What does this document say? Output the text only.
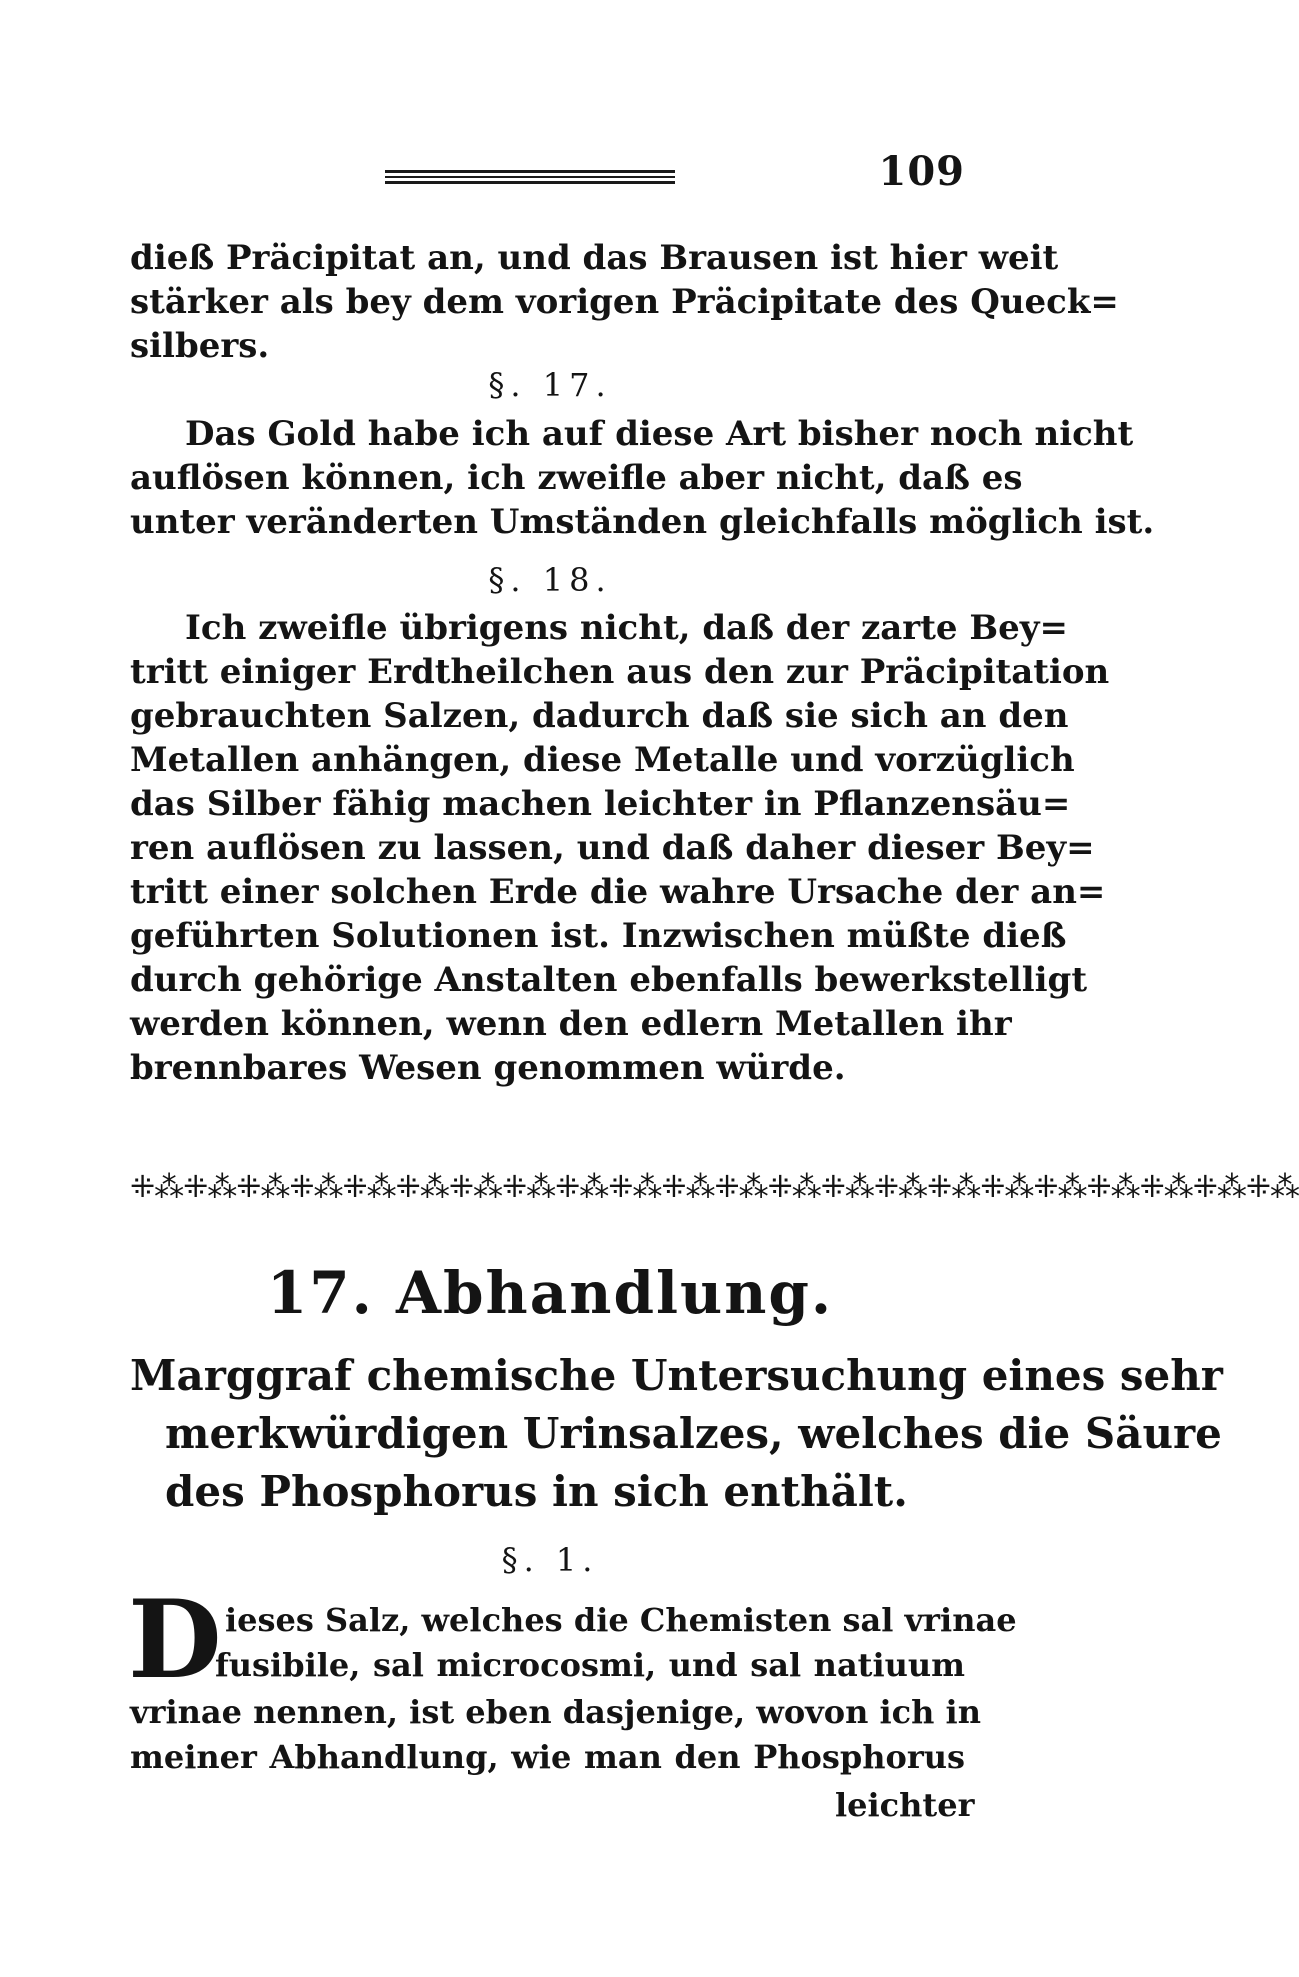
109
dieß Präcipitat an, und das Brausen ist hier weit
stärker als bey dem vorigen Präcipitate des Queck=
silbers.
§. 17.
Das Gold habe ich auf diese Art bisher noch nicht
auflösen können, ich zweifle aber nicht, daß es
unter veränderten Umständen gleichfalls möglich ist.
§. 18.
Ich zweifle übrigens nicht, daß der zarte Bey=
tritt einiger Erdtheilchen aus den zur Präcipitation
gebrauchten Salzen, dadurch daß sie sich an den
Metallen anhängen, diese Metalle und vorzüglich
das Silber fähig machen leichter in Pflanzensäu=
ren auflösen zu lassen, und daß daher dieser Bey=
tritt einer solchen Erde die wahre Ursache der an=
geführten Solutionen ist. Inzwischen müßte dieß
durch gehörige Anstalten ebenfalls bewerkstelligt
werden können, wenn den edlern Metallen ihr
brennbares Wesen genommen würde.
⁜⁂⁜⁂⁜⁂⁜⁂⁜⁂⁜⁂⁜⁂⁜⁂⁜⁂⁜⁂⁜⁂⁜⁂⁜⁂⁜⁂⁜⁂⁜⁂⁜⁂⁜⁂⁜⁂⁜⁂⁜⁂⁜⁂
17. Abhandlung.
Marggraf chemische Untersuchung eines sehr
merkwürdigen Urinsalzes, welches die Säure
des Phosphorus in sich enthält.
§. 1.
D ieses Salz, welches die Chemisten sal vrinae
fusibile, sal microcosmi, und sal natiuum
vrinae nennen, ist eben dasjenige, wovon ich in
meiner Abhandlung, wie man den Phosphorus
leichter
